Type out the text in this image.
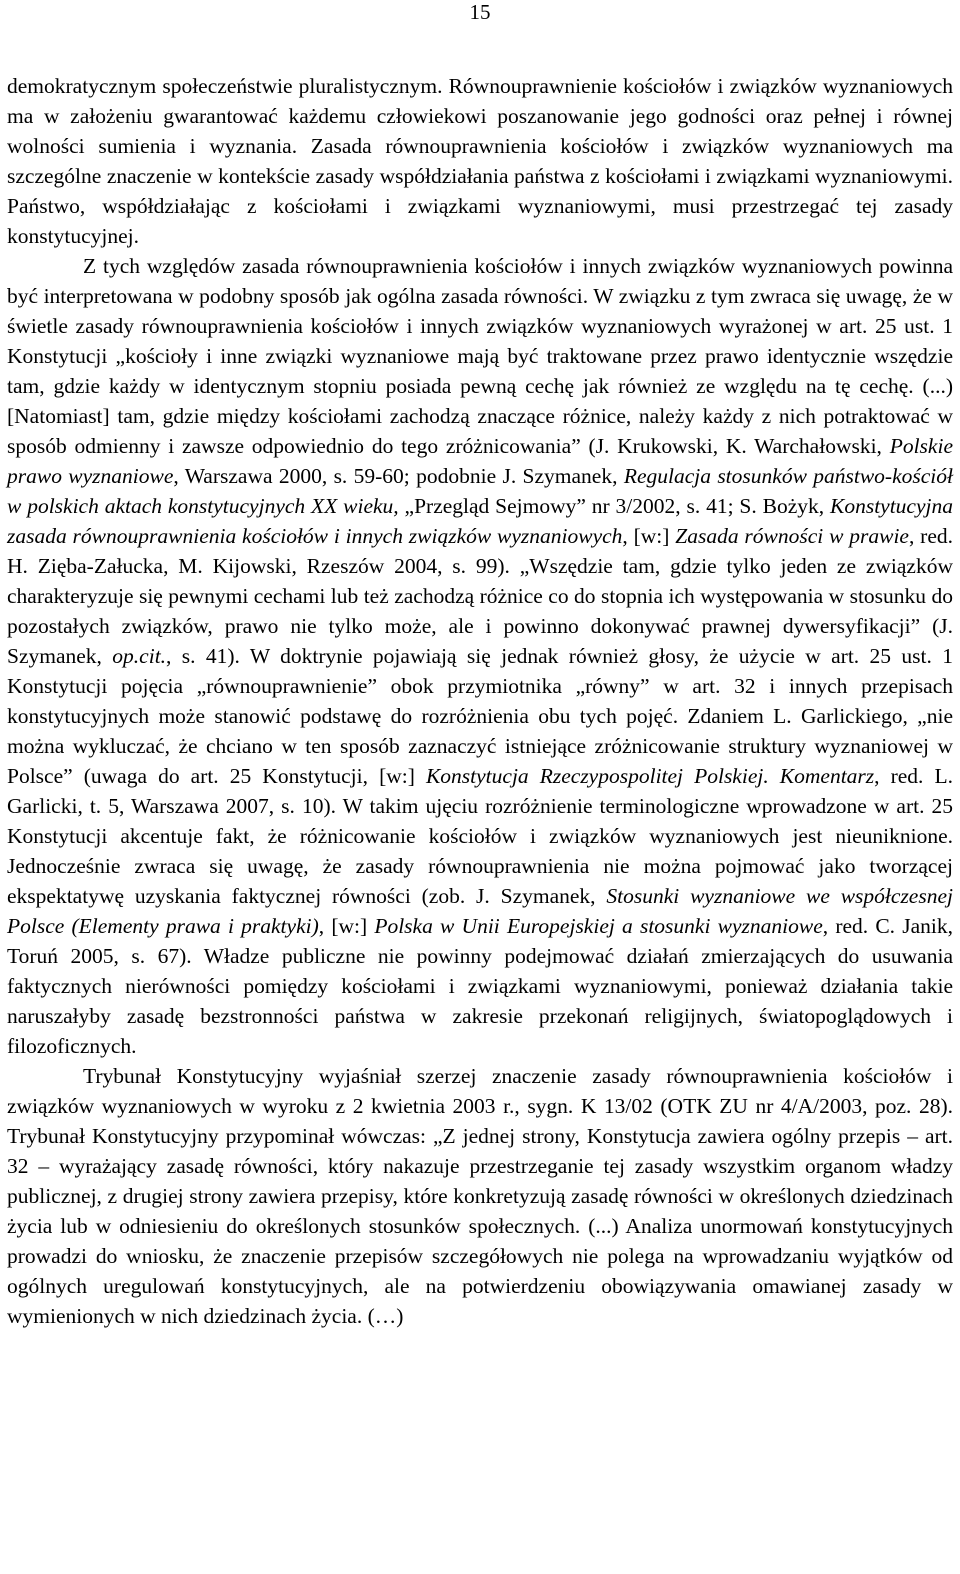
15

demokratycznym społeczeństwie pluralistycznym. Równouprawnienie kościołów i związków wyznaniowych ma w założeniu gwarantować każdemu człowiekowi poszanowanie jego godności oraz pełnej i równej wolności sumienia i wyznania. Zasada równouprawnienia kościołów i związków wyznaniowych ma szczególne znaczenie w kontekście zasady współdziałania państwa z kościołami i związkami wyznaniowymi. Państwo, współdziałając z kościołami i związkami wyznaniowymi, musi przestrzegać tej zasady konstytucyjnej.

Z tych względów zasada równouprawnienia kościołów i innych związków wyznaniowych powinna być interpretowana w podobny sposób jak ogólna zasada równości. W związku z tym zwraca się uwagę, że w świetle zasady równouprawnienia kościołów i innych związków wyznaniowych wyrażonej w art. 25 ust. 1 Konstytucji „kościoły i inne związki wyznaniowe mają być traktowane przez prawo identycznie wszędzie tam, gdzie każdy w identycznym stopniu posiada pewną cechę jak również ze względu na tę cechę. (...) [Natomiast] tam, gdzie między kościołami zachodzą znaczące różnice, należy każdy z nich potraktować w sposób odmienny i zawsze odpowiednio do tego zróżnicowania” (J. Krukowski, K. Warchałowski, Polskie prawo wyznaniowe, Warszawa 2000, s. 59-60; podobnie J. Szymanek, Regulacja stosunków państwo-kościół w polskich aktach konstytucyjnych XX wieku, „Przegląd Sejmowy” nr 3/2002, s. 41; S. Bożyk, Konstytucyjna zasada równouprawnienia kościołów i innych związków wyznaniowych, [w:] Zasada równości w prawie, red. H. Zięba-Załucka, M. Kijowski, Rzeszów 2004, s. 99). „Wszędzie tam, gdzie tylko jeden ze związków charakteryzuje się pewnymi cechami lub też zachodzą różnice co do stopnia ich występowania w stosunku do pozostałych związków, prawo nie tylko może, ale i powinno dokonywać prawnej dywersyfikacji” (J. Szymanek, op.cit., s. 41). W doktrynie pojawiają się jednak również głosy, że użycie w art. 25 ust. 1 Konstytucji pojęcia „równouprawnienie” obok przymiotnika „równy” w art. 32 i innych przepisach konstytucyjnych może stanowić podstawę do rozróżnienia obu tych pojęć. Zdaniem L. Garlickiego, „nie można wykluczać, że chciano w ten sposób zaznaczyć istniejące zróżnicowanie struktury wyznaniowej w Polsce” (uwaga do art. 25 Konstytucji, [w:] Konstytucja Rzeczypospolitej Polskiej. Komentarz, red. L. Garlicki, t. 5, Warszawa 2007, s. 10). W takim ujęciu rozróżnienie terminologiczne wprowadzone w art. 25 Konstytucji akcentuje fakt, że różnicowanie kościołów i związków wyznaniowych jest nieuniknione. Jednocześnie zwraca się uwagę, że zasady równouprawnienia nie można pojmować jako tworzącej ekspektatywę uzyskania faktycznej równości (zob. J. Szymanek, Stosunki wyznaniowe we współczesnej Polsce (Elementy prawa i praktyki), [w:] Polska w Unii Europejskiej a stosunki wyznaniowe, red. C. Janik, Toruń 2005, s. 67). Władze publiczne nie powinny podejmować działań zmierzających do usuwania faktycznych nierówności pomiędzy kościołami i związkami wyznaniowymi, ponieważ działania takie naruszałyby zasadę bezstronności państwa w zakresie przekonań religijnych, światopoglądowych i filozoficznych.

Trybunał Konstytucyjny wyjaśniał szerzej znaczenie zasady równouprawnienia kościołów i związków wyznaniowych w wyroku z 2 kwietnia 2003 r., sygn. K 13/02 (OTK ZU nr 4/A/2003, poz. 28). Trybunał Konstytucyjny przypominał wówczas: „Z jednej strony, Konstytucja zawiera ogólny przepis – art. 32 – wyrażający zasadę równości, który nakazuje przestrzeganie tej zasady wszystkim organom władzy publicznej, z drugiej strony zawiera przepisy, które konkretyzują zasadę równości w określonych dziedzinach życia lub w odniesieniu do określonych stosunków społecznych. (...) Analiza unormowań konstytucyjnych prowadzi do wniosku, że znaczenie przepisów szczegółowych nie polega na wprowadzaniu wyjątków od ogólnych uregulowań konstytucyjnych, ale na potwierdzeniu obowiązywania omawianej zasady w wymienionych w nich dziedzinach życia. (…)
